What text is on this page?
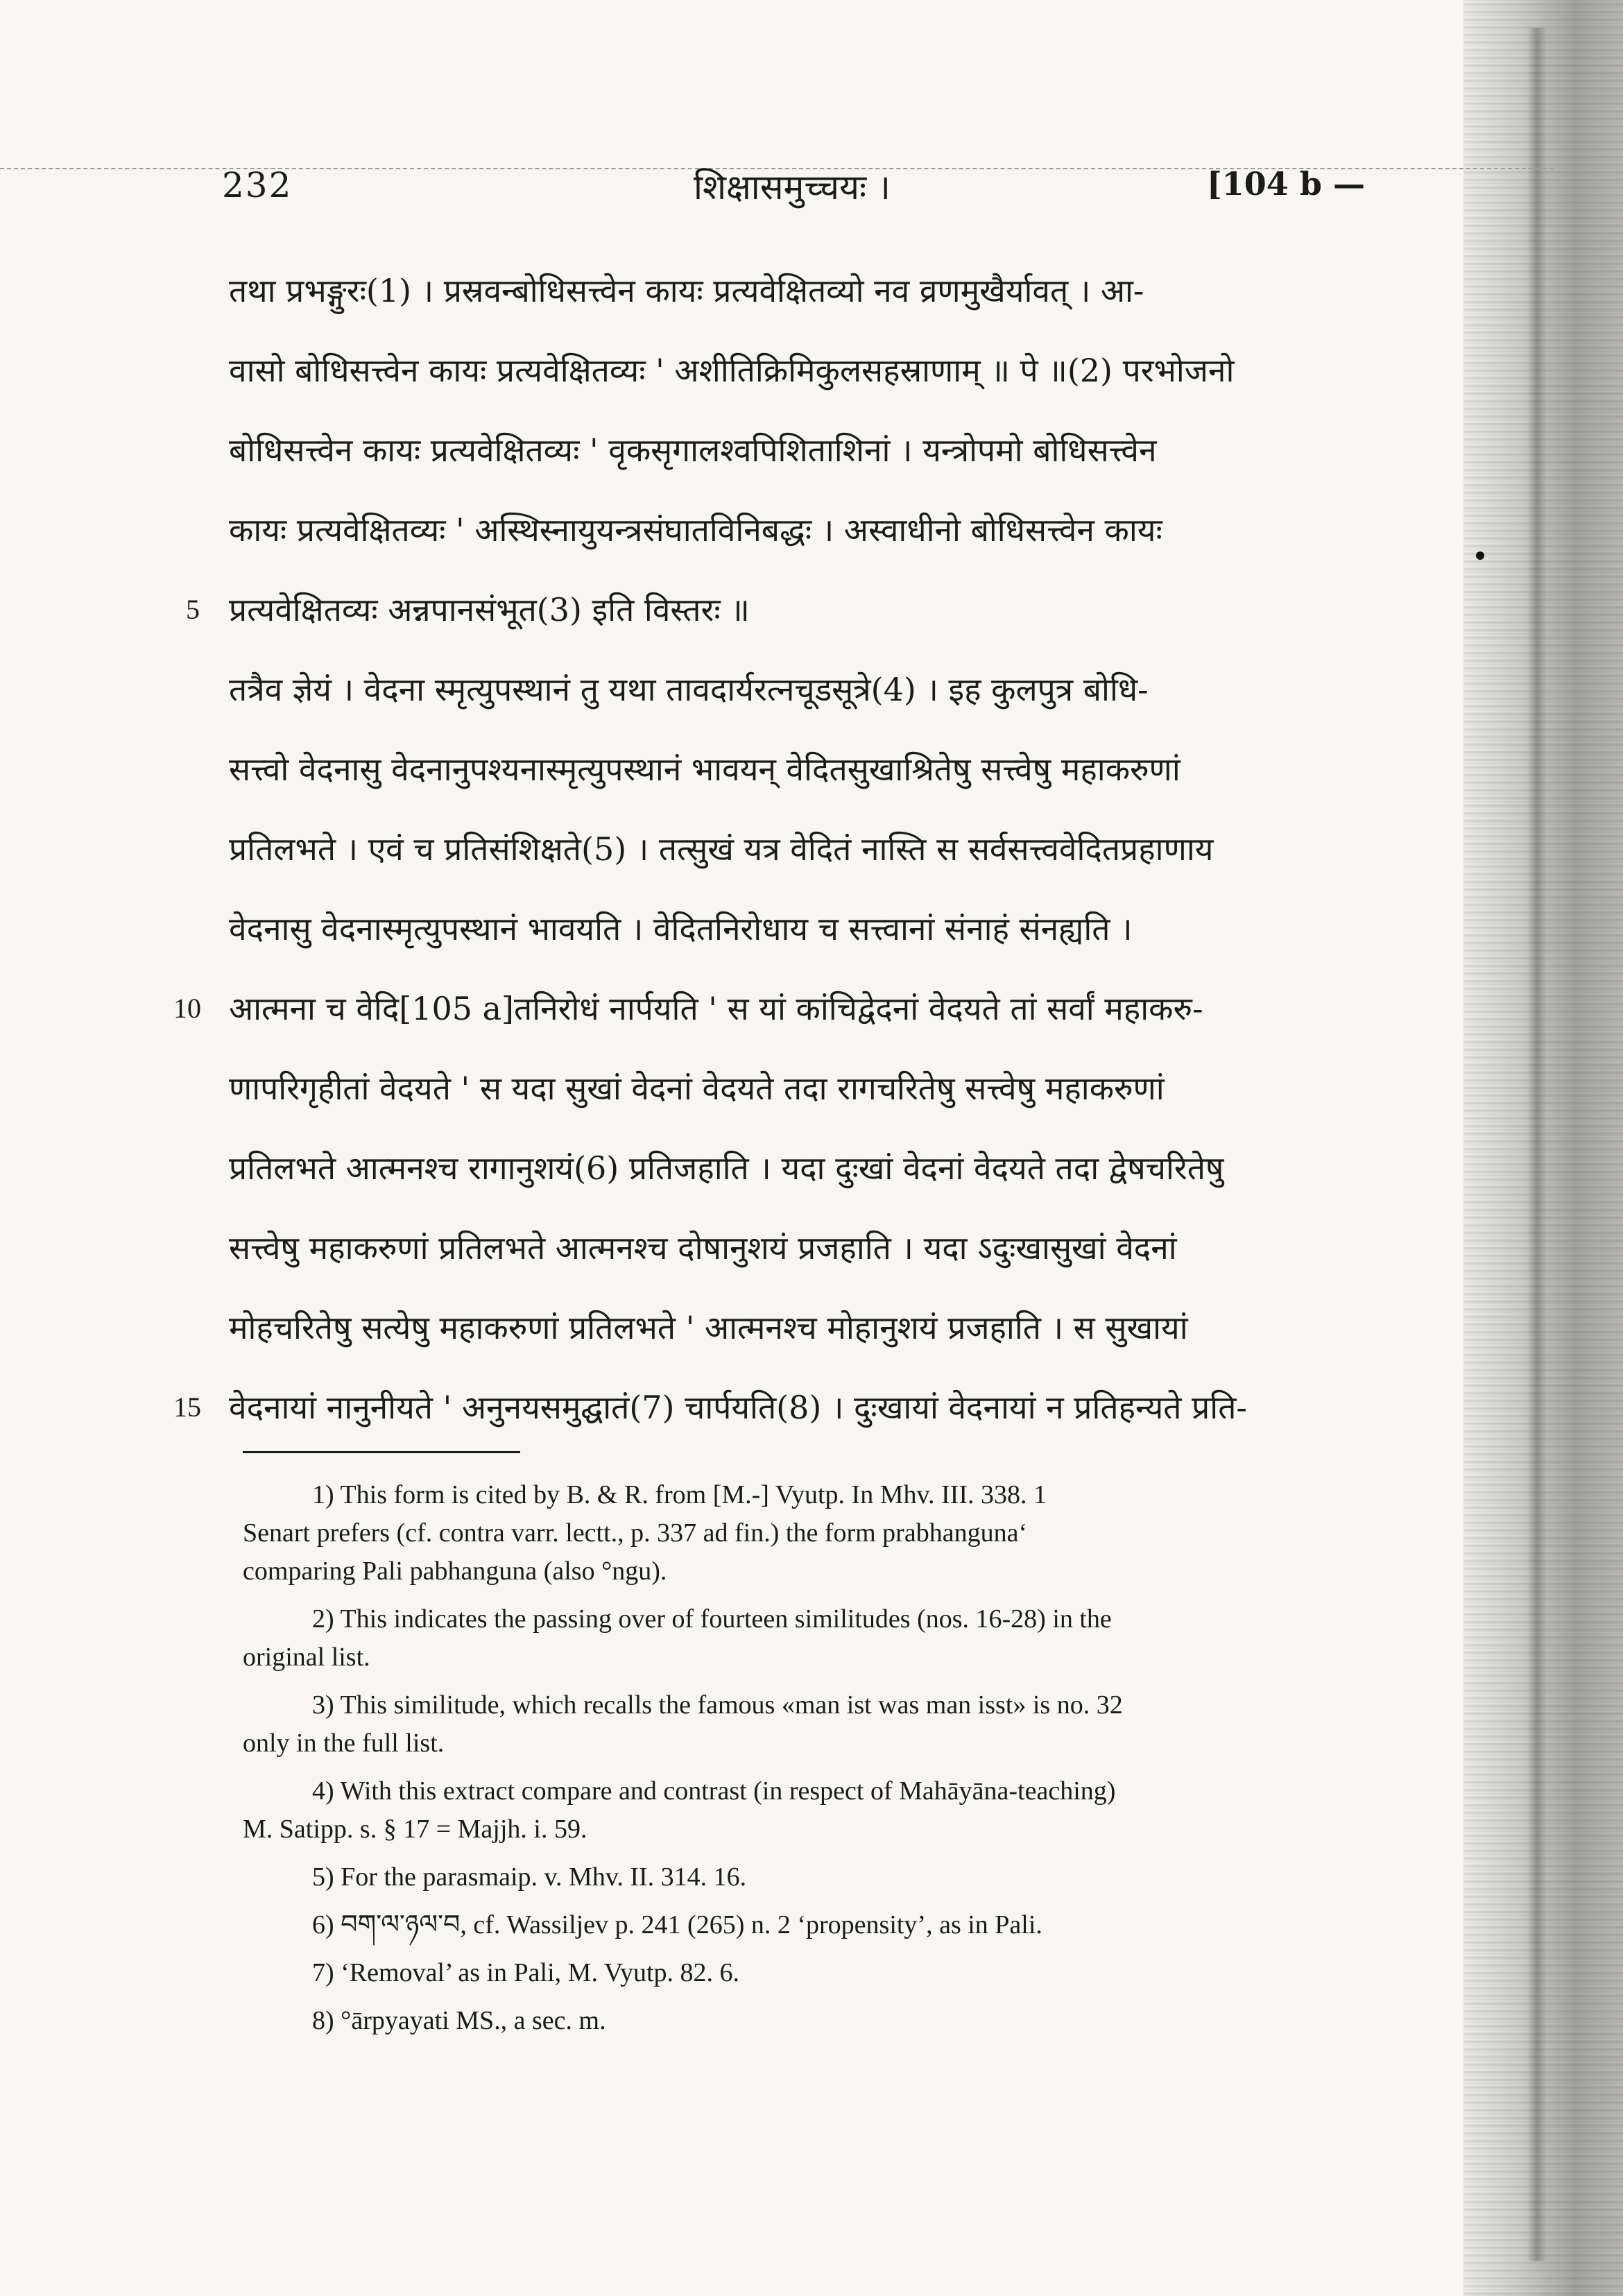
232	शिक्षासमुच्चयः ।	[104 b —
तथा प्रभङ्गुरः(1) । प्रस्रवन्बोधिसत्त्वेन कायः प्रत्यवेक्षितव्यो नव व्रणमुखैर्यावत् । आ-
वासो बोधिसत्त्वेन कायः प्रत्यवेक्षितव्यः ' अशीतिक्रिमिकुलसहस्राणाम् ॥ पे ॥(2) परभोजनो
बोधिसत्त्वेन कायः प्रत्यवेक्षितव्यः ' वृकसृगालश्वपिशिताशिनां । यन्त्रोपमो बोधिसत्त्वेन
कायः प्रत्यवेक्षितव्यः ' अस्थिस्नायुयन्त्रसंघातविनिबद्धः । अस्वाधीनो बोधिसत्त्वेन कायः
5 प्रत्यवेक्षितव्यः अन्नपानसंभूत(3) इति विस्तरः ॥
तत्रैव ज्ञेयं । वेदना स्मृत्युपस्थानं तु यथा तावदार्यरत्नचूडसूत्रे(4) । इह कुलपुत्र बोधि-
सत्त्वो वेदनासु वेदनानुपश्यनास्मृत्युपस्थानं भावयन् वेदितसुखाश्रितेषु सत्त्वेषु महाकरुणां
प्रतिलभते । एवं च प्रतिसंशिक्षते(5) । तत्सुखं यत्र वेदितं नास्ति स सर्वसत्त्ववेदितप्रहाणाय
वेदनासु वेदनास्मृत्युपस्थानं भावयति । वेदितनिरोधाय च सत्त्वानां संनाहं संनह्यति ।
10 आत्मना च वेदि[105 a]तनिरोधं नार्पयति ' स यां कांचिद्वेदनां वेदयते तां सर्वां महाकरु-
णापरिगृहीतां वेदयते ' स यदा सुखां वेदनां वेदयते तदा रागचरितेषु सत्त्वेषु महाकरुणां
प्रतिलभते आत्मनश्च रागानुशयं(6) प्रतिजहाति । यदा दुःखां वेदनां वेदयते तदा द्वेषचरितेषु
सत्त्वेषु महाकरुणां प्रतिलभते आत्मनश्च दोषानुशयं प्रजहाति । यदा ऽदुःखासुखां वेदनां
मोहचरितेषु सत्येषु महाकरुणां प्रतिलभते ' आत्मनश्च मोहानुशयं प्रजहाति । स सुखायां
15 वेदनायां नानुनीयते ' अनुनयसमुद्घातं(7) चार्पयति(8) । दुःखायां वेदनायां न प्रतिहन्यते प्रति-
1) This form is cited by B. & R. from [M.-] Vyutp. In Mhv. III. 338. 1
Senart prefers (cf. contra varr. lectt., p. 337 ad fin.) the form prabhanguna‘
comparing Pali pabhanguna (also °ngu).
2) This indicates the passing over of fourteen similitudes (nos. 16-28) in the
original list.
3) This similitude, which recalls the famous «man ist was man isst» is no. 32
only in the full list.
4) With this extract compare and contrast (in respect of Mahāyāna-teaching)
M. Satipp. s. § 17 = Majjh. i. 59.
5) For the parasmaip. v. Mhv. II. 314. 16.
6) བག་ལ་ཉལ་བ, cf. Wassiljev p. 241 (265) n. 2 ‘propensity’, as in Pali.
7) ‘Removal’ as in Pali, M. Vyutp. 82. 6.
8) °ārpyayati MS., a sec. m.
